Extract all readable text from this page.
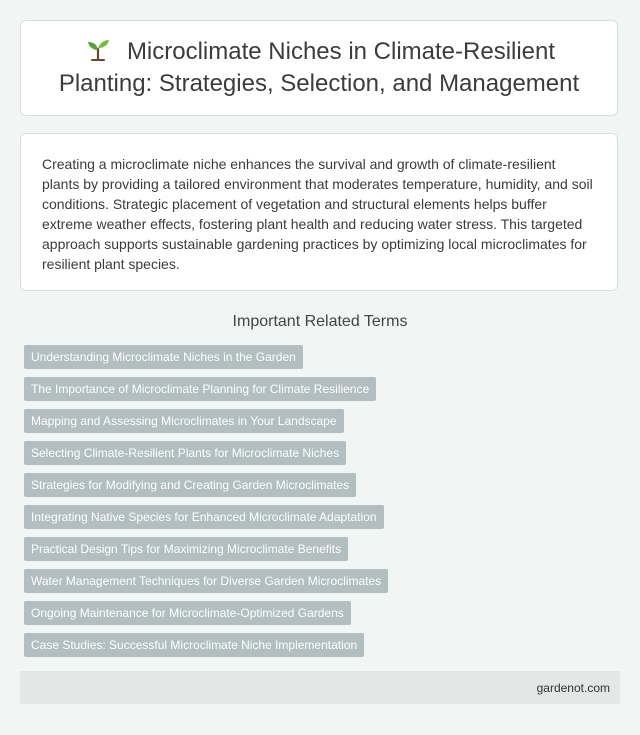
Microclimate Niches in Climate-Resilient Planting: Strategies, Selection, and Management

Creating a microclimate niche enhances the survival and growth of climate-resilient plants by providing a tailored environment that moderates temperature, humidity, and soil conditions. Strategic placement of vegetation and structural elements helps buffer extreme weather effects, fostering plant health and reducing water stress. This targeted approach supports sustainable gardening practices by optimizing local microclimates for resilient plant species.

Important Related Terms
Understanding Microclimate Niches in the Garden
The Importance of Microclimate Planning for Climate Resilience
Mapping and Assessing Microclimates in Your Landscape
Selecting Climate-Resilient Plants for Microclimate Niches
Strategies for Modifying and Creating Garden Microclimates
Integrating Native Species for Enhanced Microclimate Adaptation
Practical Design Tips for Maximizing Microclimate Benefits
Water Management Techniques for Diverse Garden Microclimates
Ongoing Maintenance for Microclimate-Optimized Gardens
Case Studies: Successful Microclimate Niche Implementation
gardenot.com
